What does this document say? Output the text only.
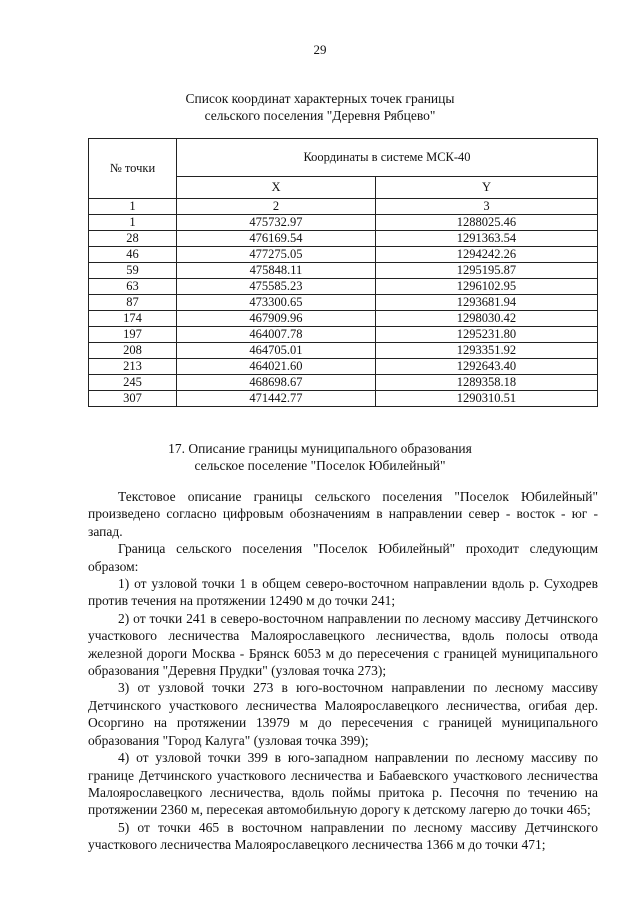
29
Список координат характерных точек границы
сельского поселения "Деревня Рябцево"
№ точки	Координаты в системе МСК-40	
	X	Y
1	2	3
1	475732.97	1288025.46
28	476169.54	1291363.54
46	477275.05	1294242.26
59	475848.11	1295195.87
63	475585.23	1296102.95
87	473300.65	1293681.94
174	467909.96	1298030.42
197	464007.78	1295231.80
208	464705.01	1293351.92
213	464021.60	1292643.40
245	468698.67	1289358.18
307	471442.77	1290310.51
17. Описание границы муниципального образования
сельское поселение "Поселок Юбилейный"

Текстовое описание границы сельского поселения "Поселок Юбилейный" произведено согласно цифровым обозначениям в направлении север - восток - юг - запад.

Граница сельского поселения "Поселок Юбилейный" проходит следующим образом:

1) от узловой точки 1 в общем северо-восточном направлении вдоль р. Суходрев против течения на протяжении 12490 м до точки 241;

2) от точки 241 в северо-восточном направлении по лесному массиву Детчинского участкового лесничества Малоярославецкого лесничества, вдоль полосы отвода железной дороги Москва - Брянск 6053 м до пересечения с границей муниципального образования "Деревня Прудки" (узловая точка 273);

3) от узловой точки 273 в юго-восточном направлении по лесному массиву Детчинского участкового лесничества Малоярославецкого лесничества, огибая дер. Осоргино на протяжении 13979 м до пересечения с границей муниципального образования "Город Калуга" (узловая точка 399);

4) от узловой точки 399 в юго-западном направлении по лесному массиву по границе Детчинского участкового лесничества и Бабаевского участкового лесничества Малоярославецкого лесничества, вдоль поймы притока р. Песочня по течению на протяжении 2360 м, пересекая автомобильную дорогу к детскому лагерю до точки 465;

5) от точки 465 в восточном направлении по лесному массиву Детчинского участкового лесничества Малоярославецкого лесничества 1366 м до точки 471;
